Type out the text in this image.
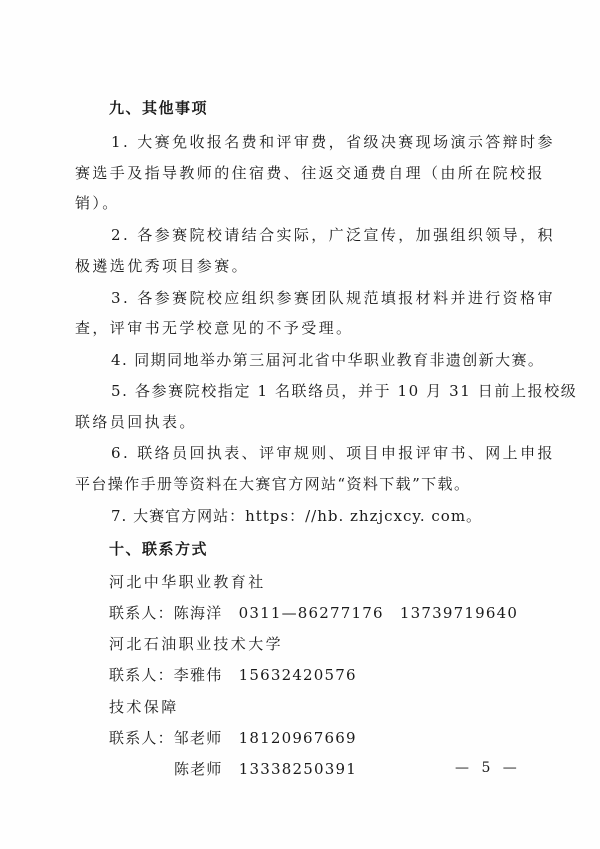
九、其他事项
1. 大赛免收报名费和评审费，省级决赛现场演示答辩时参
赛选手及指导教师的住宿费、往返交通费自理（由所在院校报
销）。
2. 各参赛院校请结合实际，广泛宣传，加强组织领导，积
极遴选优秀项目参赛。
3. 各参赛院校应组织参赛团队规范填报材料并进行资格审
查，评审书无学校意见的不予受理。
4. 同期同地举办第三届河北省中华职业教育非遗创新大赛。
5. 各参赛院校指定 1 名联络员，并于 10 月 31 日前上报校级
联络员回执表。
6. 联络员回执表、评审规则、项目申报评审书、网上申报
平台操作手册等资料在大赛官方网站“资料下载”下载。
7. 大赛官方网站：https：//hb. zhzjcxcy. com。
十、联系方式
河北中华职业教育社
联系人：陈海洋　0311—86277176　13739719640
河北石油职业技术大学
联系人：李雅伟　15632420576
技术保障
联系人：邹老师　18120967669
陈老师　13338250391	— 5 —
